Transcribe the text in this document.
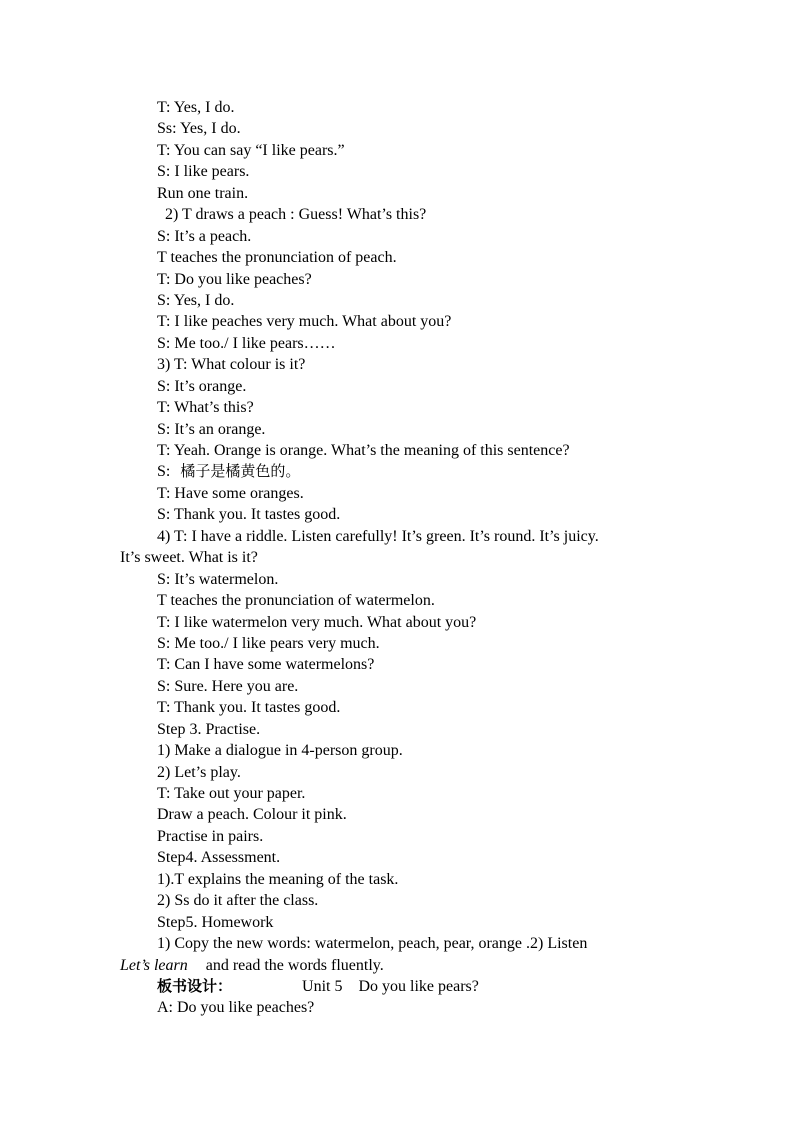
T: Yes, I do.
Ss: Yes, I do.
T: You can say “I like pears.”
S: I like pears.
Run one train.
2) T draws a peach : Guess! What’s this?
S: It’s a peach.
T teaches the pronunciation of peach.
T: Do you like peaches?
S: Yes, I do.
T: I like peaches very much. What about you?
S: Me too./ I like pears……
3) T: What colour is it?
S: It’s orange.
T: What’s this?
S: It’s an orange.
T: Yeah. Orange is orange. What’s the meaning of this sentence?
S: 橘子是橘黄色的。
T: Have some oranges.
S: Thank you. It tastes good.
4) T: I have a riddle. Listen carefully! It’s green. It’s round. It’s juicy.
It’s sweet. What is it?
S: It’s watermelon.
T teaches the pronunciation of watermelon.
T: I like watermelon very much. What about you?
S: Me too./ I like pears very much.
T: Can I have some watermelons?
S: Sure. Here you are.
T: Thank you. It tastes good.
Step 3. Practise.
1) Make a dialogue in 4-person group.
2) Let’s play.
T: Take out your paper.
Draw a peach. Colour it pink.
Practise in pairs.
Step4. Assessment.
1).T explains the meaning of the task.
2) Ss do it after the class.
Step5. Homework
1) Copy the new words: watermelon, peach, pear, orange .2) Listen
Let’s learn and read the words fluently.
板书设计：	Unit 5 Do you like pears?
A: Do you like peaches?
